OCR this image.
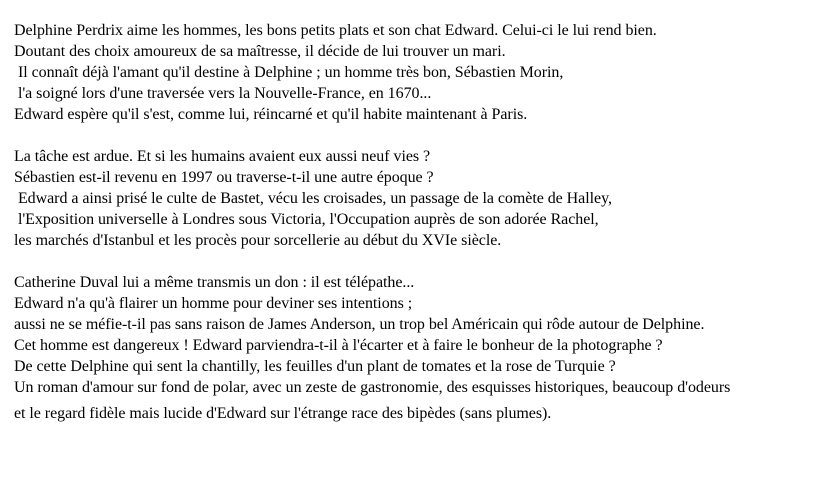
Delphine Perdrix aime les hommes, les bons petits plats et son chat Edward. Celui-ci le lui rend bien.
Doutant des choix amoureux de sa maîtresse, il décide de lui trouver un mari.
Il connaît déjà l'amant qu'il destine à Delphine ; un homme très bon, Sébastien Morin,
l'a soigné lors d'une traversée vers la Nouvelle-France, en 1670...
Edward espère qu'il s'est, comme lui, réincarné et qu'il habite maintenant à Paris.
La tâche est ardue. Et si les humains avaient eux aussi neuf vies ?
Sébastien est-il revenu en 1997 ou traverse-t-il une autre époque ?
Edward a ainsi prisé le culte de Bastet, vécu les croisades, un passage de la comète de Halley,
l'Exposition universelle à Londres sous Victoria, l'Occupation auprès de son adorée Rachel,
les marchés d'Istanbul et les procès pour sorcellerie au début du XVIe siècle.
Catherine Duval lui a même transmis un don : il est télépathe...
Edward n'a qu'à flairer un homme pour deviner ses intentions ;
aussi ne se méfie-t-il pas sans raison de James Anderson, un trop bel Américain qui rôde autour de Delphine.
Cet homme est dangereux ! Edward parviendra-t-il à l'écarter et à faire le bonheur de la photographe ?
De cette Delphine qui sent la chantilly, les feuilles d'un plant de tomates et la rose de Turquie ?
Un roman d'amour sur fond de polar, avec un zeste de gastronomie, des esquisses historiques, beaucoup d'odeurs
et le regard fidèle mais lucide d'Edward sur l'étrange race des bipèdes (sans plumes).
